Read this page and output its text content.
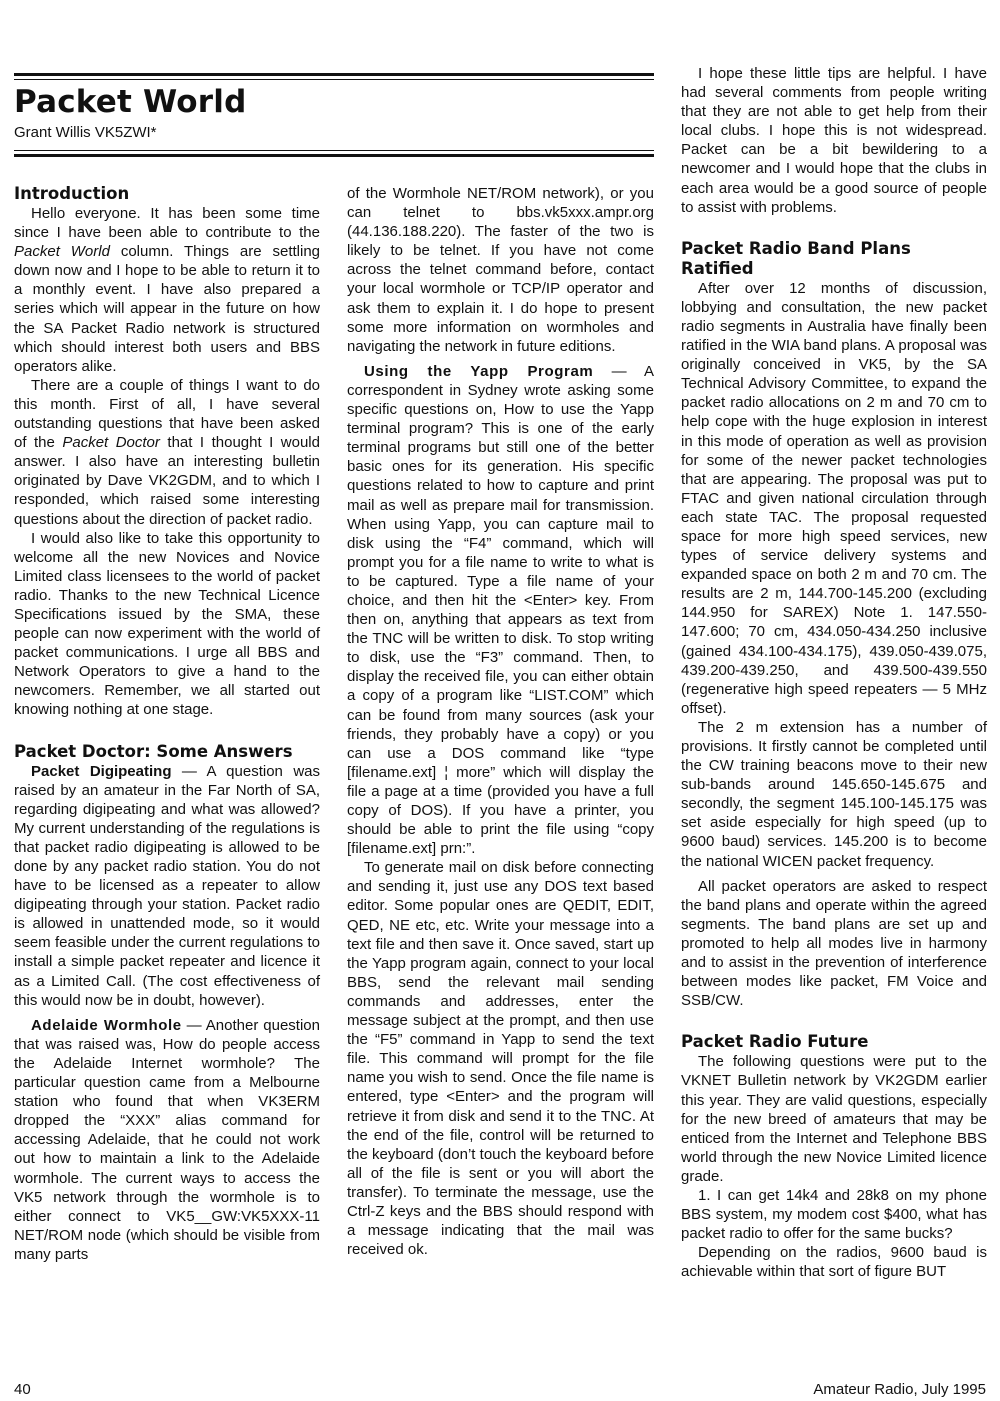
Packet World
Grant Willis VK5ZWI*
Introduction

Hello everyone. It has been some time since I have been able to contribute to the Packet World column. Things are settling down now and I hope to be able to return it to a monthly event. I have also prepared a series which will appear in the future on how the SA Packet Radio network is structured which should interest both users and BBS operators alike.

There are a couple of things I want to do this month. First of all, I have several outstanding questions that have been asked of the Packet Doctor that I thought I would answer. I also have an interesting bulletin originated by Dave VK2GDM, and to which I responded, which raised some interesting questions about the direction of packet radio.

I would also like to take this opportunity to welcome all the new Novices and Novice Limited class licensees to the world of packet radio. Thanks to the new Technical Licence Specifications issued by the SMA, these people can now experiment with the world of packet communications. I urge all BBS and Network Operators to give a hand to the newcomers. Remember, we all started out knowing nothing at one stage.

Packet Doctor: Some Answers

Packet Digipeating — A question was raised by an amateur in the Far North of SA, regarding digipeating and what was allowed? My current understanding of the regulations is that packet radio digipeating is allowed to be done by any packet radio station. You do not have to be licensed as a repeater to allow digipeating through your station. Packet radio is allowed in unattended mode, so it would seem feasible under the current regulations to install a simple packet repeater and licence it as a Limited Call. (The cost effectiveness of this would now be in doubt, however).

Adelaide Wormhole — Another question that was raised was, How do people access the Adelaide Internet wormhole? The particular question came from a Melbourne station who found that when VK3ERM dropped the “XXX” alias command for accessing Adelaide, that he could not work out how to maintain a link to the Adelaide wormhole. The current ways to access the VK5 network through the wormhole is to either connect to VK5__GW:VK5XXX-11 NET/ROM node (which should be visible from many parts

of the Wormhole NET/ROM network), or you can telnet to bbs.vk5xxx.ampr.org (44.136.188.220). The faster of the two is likely to be telnet. If you have not come across the telnet command before, contact your local wormhole or TCP/IP operator and ask them to explain it. I do hope to present some more information on wormholes and navigating the network in future editions.

Using the Yapp Program — A correspondent in Sydney wrote asking some specific questions on, How to use the Yapp terminal program? This is one of the early terminal programs but still one of the better basic ones for its generation. His specific questions related to how to capture and print mail as well as prepare mail for transmission. When using Yapp, you can capture mail to disk using the “F4” command, which will prompt you for a file name to write to what is to be captured. Type a file name of your choice, and then hit the <Enter> key. From then on, anything that appears as text from the TNC will be written to disk. To stop writing to disk, use the “F3” command. Then, to display the received file, you can either obtain a copy of a program like “LIST.COM” which can be found from many sources (ask your friends, they probably have a copy) or you can use a DOS command like “type [filename.ext] ¦ more” which will display the file a page at a time (provided you have a full copy of DOS). If you have a printer, you should be able to print the file using “copy [filename.ext] prn:”.

To generate mail on disk before connecting and sending it, just use any DOS text based editor. Some popular ones are QEDIT, EDIT, QED, NE etc, etc. Write your message into a text file and then save it. Once saved, start up the Yapp program again, connect to your local BBS, send the relevant mail sending commands and addresses, enter the message subject at the prompt, and then use the “F5” command in Yapp to send the text file. This command will prompt for the file name you wish to send. Once the file name is entered, type <Enter> and the program will retrieve it from disk and send it to the TNC. At the end of the file, control will be returned to the keyboard (don’t touch the keyboard before all of the file is sent or you will abort the transfer). To terminate the message, use the Ctrl-Z keys and the BBS should respond with a message indicating that the mail was received ok.

I hope these little tips are helpful. I have had several comments from people writing that they are not able to get help from their local clubs. I hope this is not widespread. Packet can be a bit bewildering to a newcomer and I would hope that the clubs in each area would be a good source of people to assist with problems.

Packet Radio Band Plans Ratified

After over 12 months of discussion, lobbying and consultation, the new packet radio segments in Australia have finally been ratified in the WIA band plans. A proposal was originally conceived in VK5, by the SA Technical Advisory Committee, to expand the packet radio allocations on 2 m and 70 cm to help cope with the huge explosion in interest in this mode of operation as well as provision for some of the newer packet technologies that are appearing. The proposal was put to FTAC and given national circulation through each state TAC. The proposal requested space for more high speed services, new types of service delivery systems and expanded space on both 2 m and 70 cm. The results are 2 m, 144.700-145.200 (excluding 144.950 for SAREX) Note 1. 147.550-147.600; 70 cm, 434.050-434.250 inclusive (gained 434.100-434.175), 439.050-439.075, 439.200-439.250, and 439.500-439.550 (regenerative high speed repeaters — 5 MHz offset).

The 2 m extension has a number of provisions. It firstly cannot be completed until the CW training beacons move to their new sub-bands around 145.650-145.675 and secondly, the segment 145.100-145.175 was set aside especially for high speed (up to 9600 baud) services. 145.200 is to become the national WICEN packet frequency.

All packet operators are asked to respect the band plans and operate within the agreed segments. The band plans are set up and promoted to help all modes live in harmony and to assist in the prevention of interference between modes like packet, FM Voice and SSB/CW.

Packet Radio Future

The following questions were put to the VKNET Bulletin network by VK2GDM earlier this year. They are valid questions, especially for the new breed of amateurs that may be enticed from the Internet and Telephone BBS world through the new Novice Limited licence grade.

1. I can get 14k4 and 28k8 on my phone BBS system, my modem cost $400, what has packet radio to offer for the same bucks?

Depending on the radios, 9600 baud is achievable within that sort of figure BUT

40	Amateur Radio, July 1995
